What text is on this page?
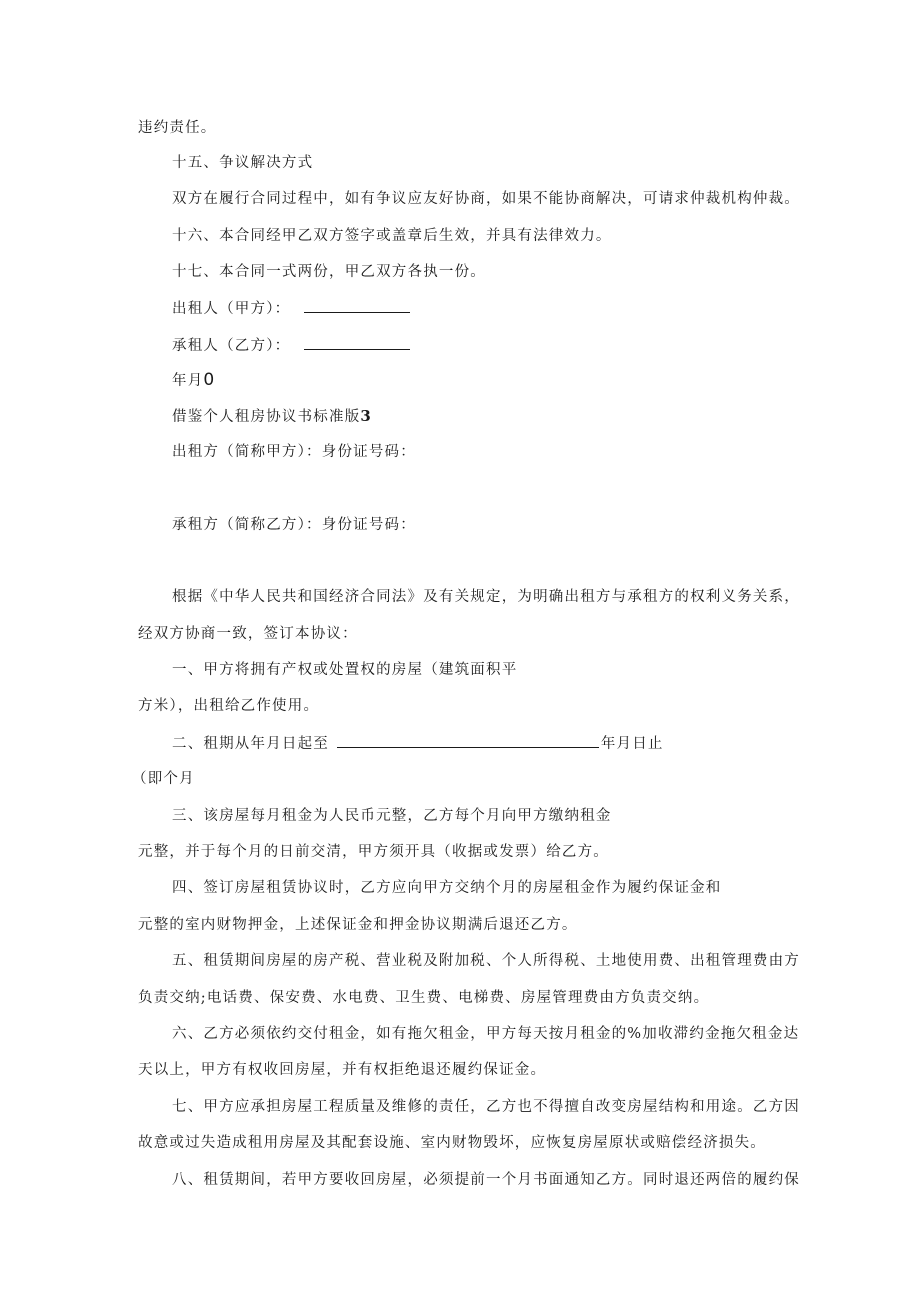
违约责任。
十五、争议解决方式
双方在履行合同过程中，如有争议应友好协商，如果不能协商解决，可请求仲裁机构仲裁。
十六、本合同经甲乙双方签字或盖章后生效，并具有法律效力。
十七、本合同一式两份，甲乙双方各执一份。
出租人（甲方）：
承租人（乙方）：
年月0
借鉴个人租房协议书标准版3
出租方（简称甲方）：身份证号码：
承租方（简称乙方）：身份证号码：
根据《中华人民共和国经济合同法》及有关规定，为明确出租方与承租方的权利义务关系，
经双方协商一致，签订本协议：
一、甲方将拥有产权或处置权的房屋（建筑面积平
方米），出租给乙作使用。
二、租期从年月日起至	年月日止
（即个月
三、该房屋每月租金为人民币元整，乙方每个月向甲方缴纳租金
元整，并于每个月的日前交清，甲方须开具（收据或发票）给乙方。
四、签订房屋租赁协议时，乙方应向甲方交纳个月的房屋租金作为履约保证金和
元整的室内财物押金，上述保证金和押金协议期满后退还乙方。
五、租赁期间房屋的房产税、营业税及附加税、个人所得税、土地使用费、出租管理费由方
负责交纳;电话费、保安费、水电费、卫生费、电梯费、房屋管理费由方负责交纳。
六、乙方必须依约交付租金，如有拖欠租金，甲方每天按月租金的%加收滞约金拖欠租金达
天以上，甲方有权收回房屋，并有权拒绝退还履约保证金。
七、甲方应承担房屋工程质量及维修的责任，乙方也不得擅自改变房屋结构和用途。乙方因
故意或过失造成租用房屋及其配套设施、室内财物毁坏，应恢复房屋原状或赔偿经济损失。
八、租赁期间，若甲方要收回房屋，必须提前一个月书面通知乙方。同时退还两倍的履约保
